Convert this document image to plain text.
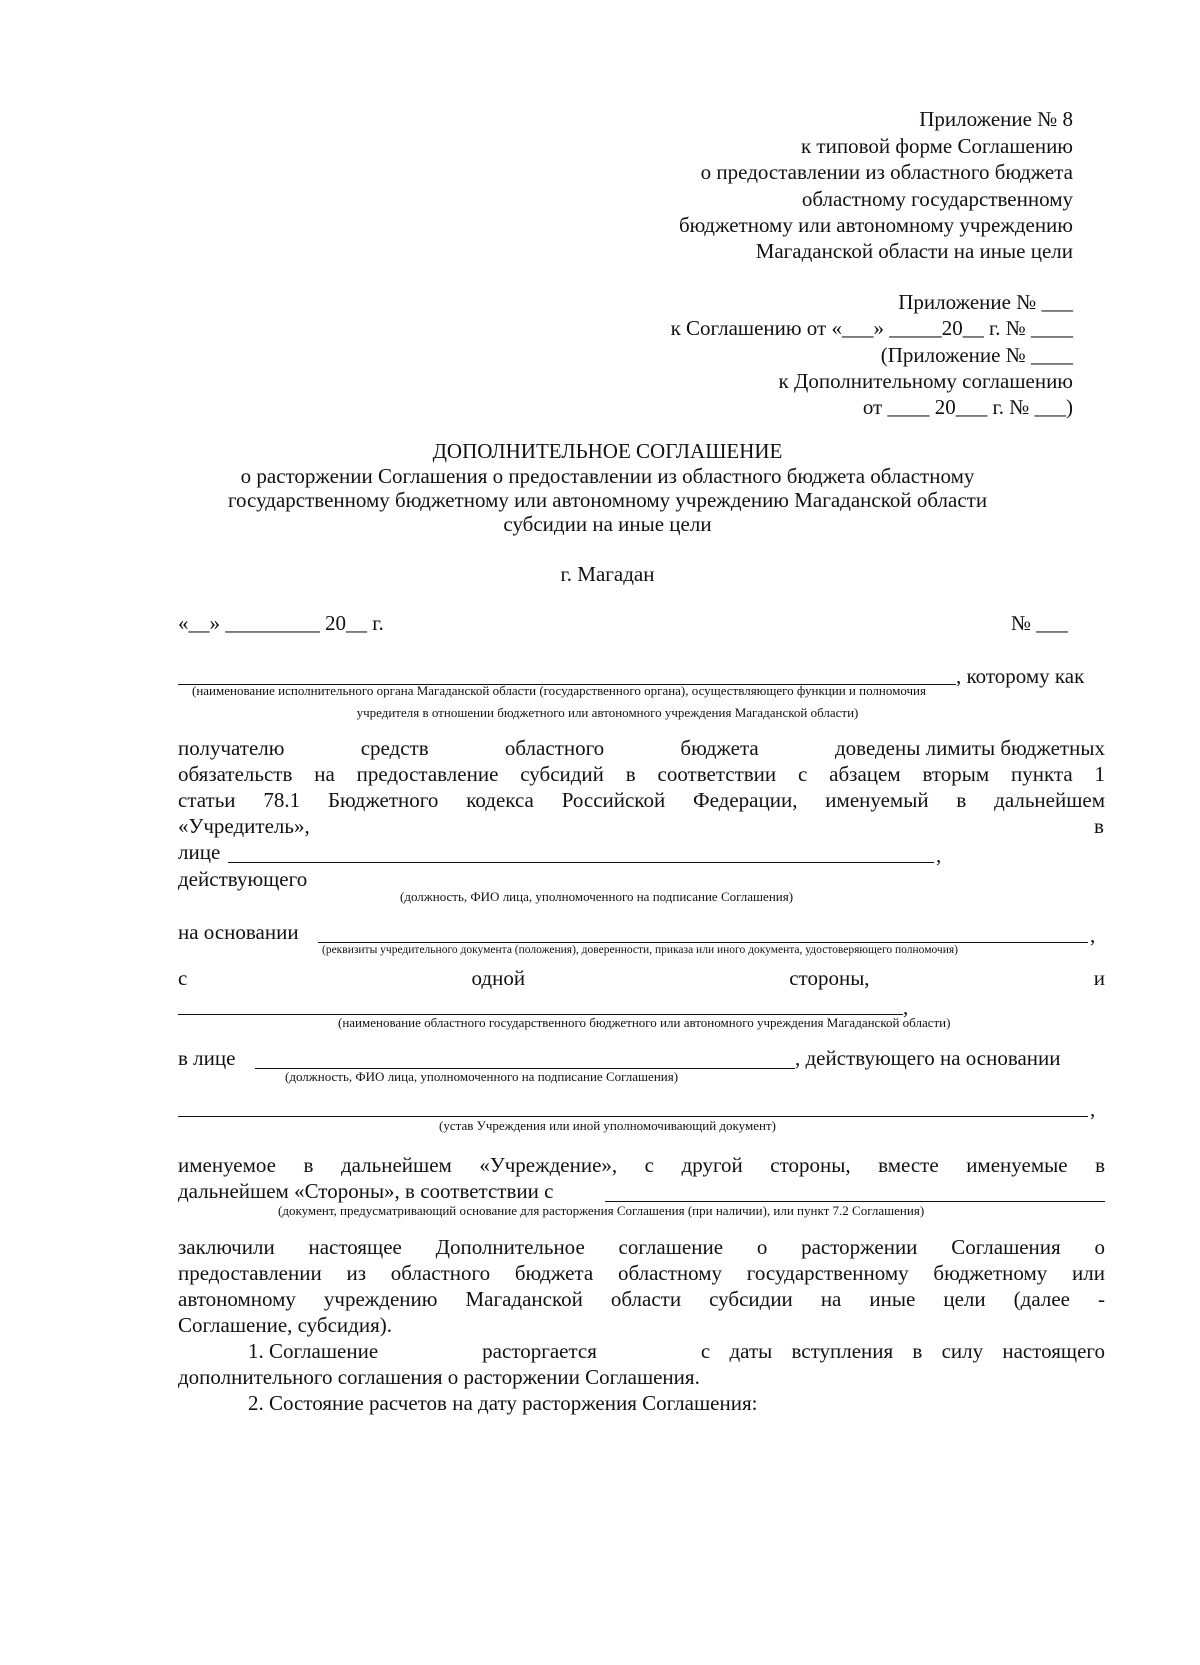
Приложение № 8
к типовой форме Соглашению
о предоставлении из областного бюджета
областному государственному
бюджетному или автономному учреждению
Магаданской области на иные цели
Приложение № ___
к Соглашению от «___» _____20__ г. № ____
(Приложение № ____
к Дополнительному соглашению
от ____ 20___ г. № ___)
ДОПОЛНИТЕЛЬНОЕ СОГЛАШЕНИЕ
о расторжении Соглашения о предоставлении из областного бюджета областному
государственному бюджетному или автономному учреждению Магаданской области
субсидии на иные цели
г. Магадан
«__» _________ 20__ г.	№ ___
, которому как
(наименование исполнительного органа Магаданской области (государственного органа), осуществляющего функции и полномочия
учредителя в отношении бюджетного или автономного учреждения Магаданской области)
получателю	средств	областного	бюджета	доведены лимиты бюджетных
обязательств на предоставление субсидий в соответствии с абзацем вторым пункта 1
статьи 78.1 Бюджетного кодекса Российской Федерации, именуемый в дальнейшем
«Учредитель»,	в
лице	,
действующего
(должность, ФИО лица, уполномоченного на подписание Соглашения)
на основании	,
(реквизиты учредительного документа (положения), доверенности, приказа или иного документа, удостоверяющего полномочия)
с	одной	стороны,	и
,
(наименование областного государственного бюджетного или автономного учреждения Магаданской области)
в лице	, действующего на основании
(должность, ФИО лица, уполномоченного на подписание Соглашения)
,
(устав Учреждения или иной уполномочивающий документ)
именуемое в дальнейшем «Учреждение», с другой стороны, вместе именуемые в
дальнейшем «Стороны», в соответствии с
(документ, предусматривающий основание для расторжения Соглашения (при наличии), или пункт 7.2 Соглашения)
заключили настоящее Дополнительное соглашение о расторжении Соглашения о
предоставлении из областного бюджета областному государственному бюджетному или
автономному учреждению Магаданской области субсидии на иные цели (далее -
Соглашение, субсидия).
1. Соглашение	расторгается	с даты вступления в силу настоящего
дополнительного соглашения о расторжении Соглашения.
2. Состояние расчетов на дату расторжения Соглашения:
